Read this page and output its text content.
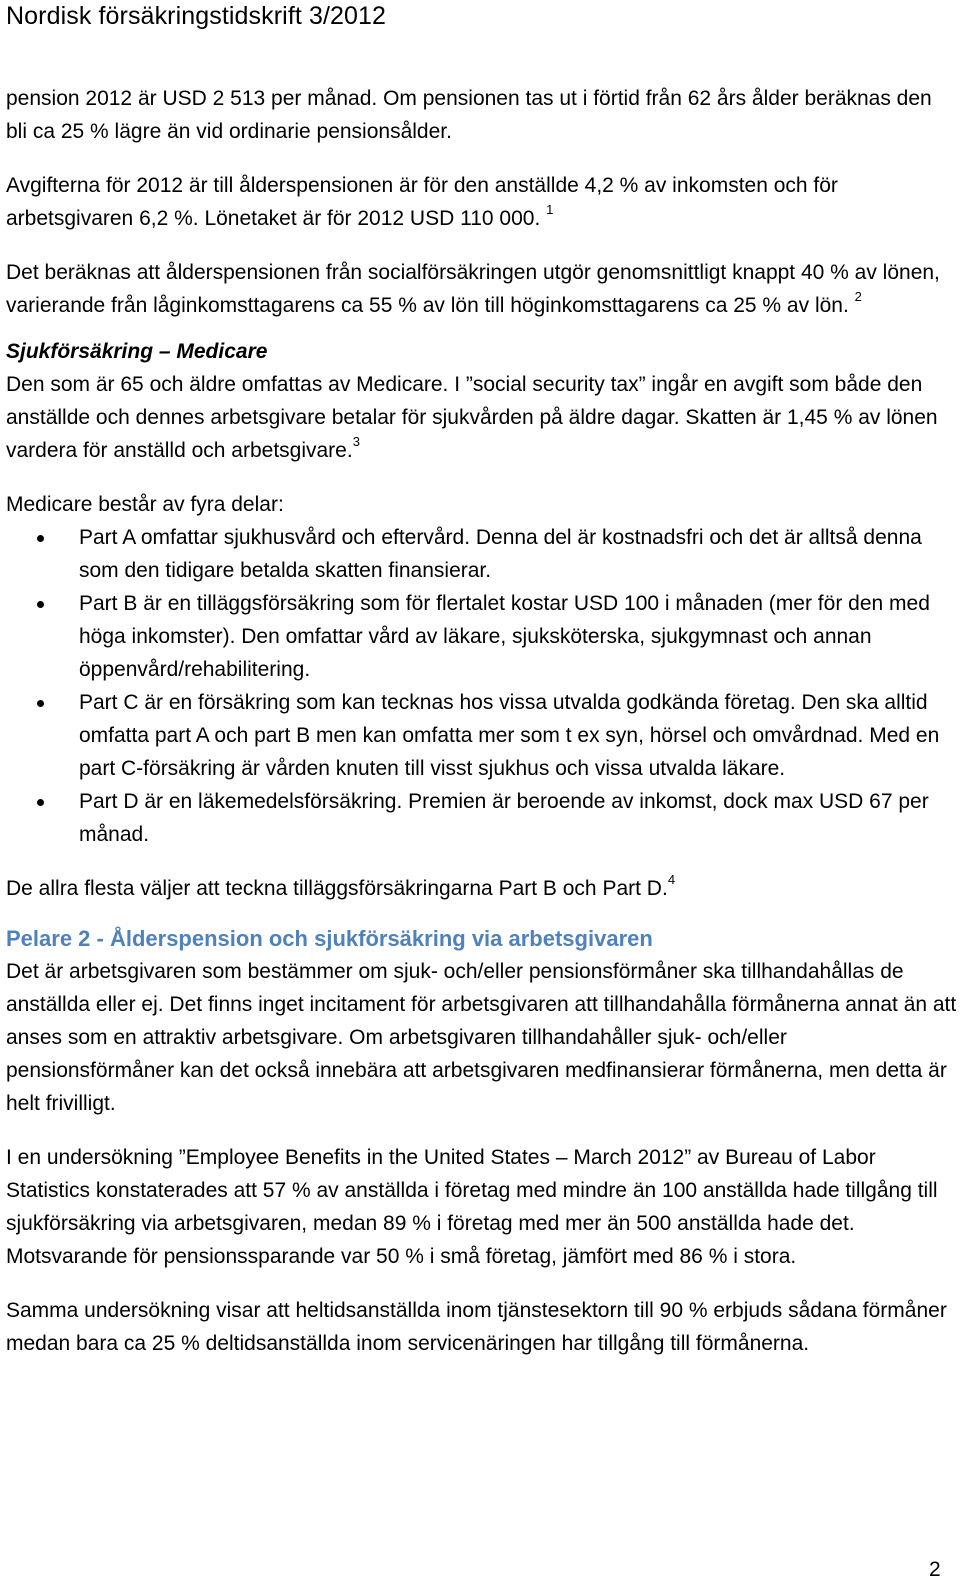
Nordisk försäkringstidskrift 3/2012

pension 2012 är USD 2 513 per månad. Om pensionen tas ut i förtid från 62 års ålder beräknas den bli ca 25 % lägre än vid ordinarie pensionsålder.

Avgifterna för 2012 är till ålderspensionen är för den anställde 4,2 % av inkomsten och för arbetsgivaren 6,2 %. Lönetaket är för 2012 USD 110 000. $^1$

Det beräknas att ålderspensionen från socialförsäkringen utgör genomsnittligt knappt 40 % av lönen, varierande från låginkomsttagarens ca 55 % av lön till höginkomsttagarens ca 25 % av lön. $^2$

Sjukförsäkring – Medicare

Den som är 65 och äldre omfattas av Medicare. I ”social security tax” ingår en avgift som både den anställde och dennes arbetsgivare betalar för sjukvården på äldre dagar. Skatten är 1,45 % av lönen vardera för anställd och arbetsgivare.$^3$

Medicare består av fyra delar:

Part A omfattar sjukhusvård och eftervård. Denna del är kostnadsfri och det är alltså denna som den tidigare betalda skatten finansierar.
Part B är en tilläggsförsäkring som för flertalet kostar USD 100 i månaden (mer för den med höga inkomster). Den omfattar vård av läkare, sjuksköterska, sjukgymnast och annan öppenvård/rehabilitering.
Part C är en försäkring som kan tecknas hos vissa utvalda godkända företag. Den ska alltid omfatta part A och part B men kan omfatta mer som t ex syn, hörsel och omvårdnad. Med en part C-försäkring är vården knuten till visst sjukhus och vissa utvalda läkare.
Part D är en läkemedelsförsäkring. Premien är beroende av inkomst, dock max USD 67 per månad.

De allra flesta väljer att teckna tilläggsförsäkringarna Part B och Part D.$^4$

Pelare 2 - Ålderspension och sjukförsäkring via arbetsgivaren

Det är arbetsgivaren som bestämmer om sjuk- och/eller pensionsförmåner ska tillhandahållas de anställda eller ej. Det finns inget incitament för arbetsgivaren att tillhandahålla förmånerna annat än att anses som en attraktiv arbetsgivare. Om arbetsgivaren tillhandahåller sjuk- och/eller pensionsförmåner kan det också innebära att arbetsgivaren medfinansierar förmånerna, men detta är helt frivilligt.

I en undersökning ”Employee Benefits in the United States – March 2012” av Bureau of Labor Statistics konstaterades att 57 % av anställda i företag med mindre än 100 anställda hade tillgång till sjukförsäkring via arbetsgivaren, medan 89 % i företag med mer än 500 anställda hade det. Motsvarande för pensionssparande var 50 % i små företag, jämfört med 86 % i stora.

Samma undersökning visar att heltidsanställda inom tjänstesektorn till 90 % erbjuds sådana förmåner medan bara ca 25 % deltidsanställda inom servicenäringen har tillgång till förmånerna.

2
